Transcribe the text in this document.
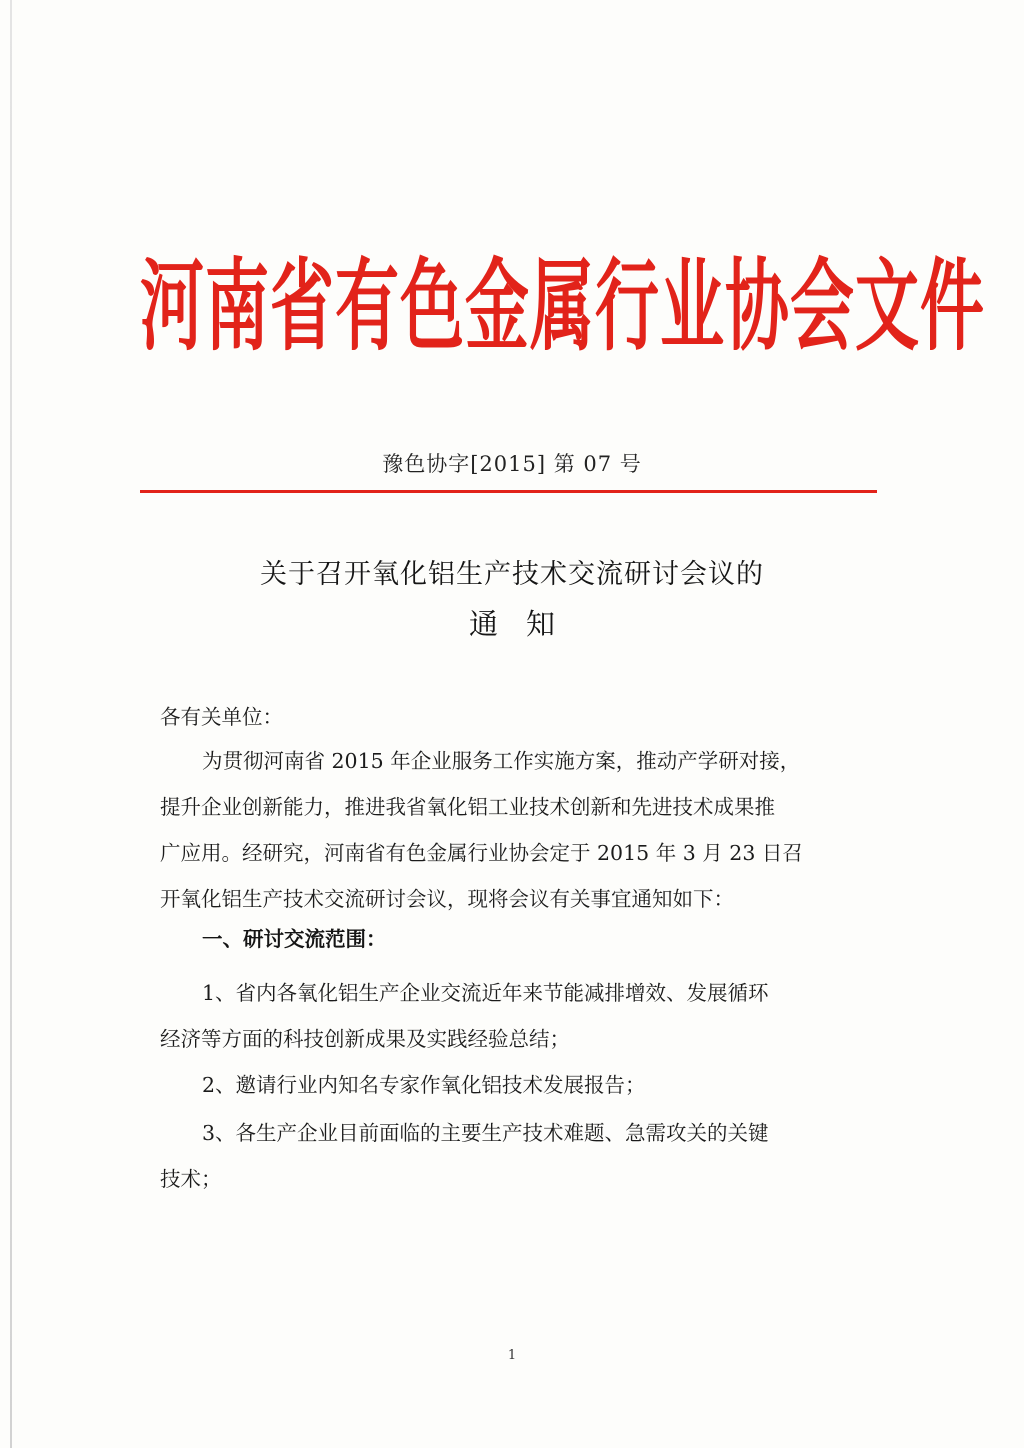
河南省有色金属行业协会文件
豫色协字[2015] 第 07 号
关于召开氧化铝生产技术交流研讨会议的
通知
各有关单位：
为贯彻河南省 2015 年企业服务工作实施方案，推动产学研对接，
提升企业创新能力，推进我省氧化铝工业技术创新和先进技术成果推
广应用。经研究，河南省有色金属行业协会定于 2015 年 3 月 23 日召
开氧化铝生产技术交流研讨会议，现将会议有关事宜通知如下：
一、研讨交流范围：
1、省内各氧化铝生产企业交流近年来节能减排增效、发展循环
经济等方面的科技创新成果及实践经验总结；
2、邀请行业内知名专家作氧化铝技术发展报告；
3、各生产企业目前面临的主要生产技术难题、急需攻关的关键
技术；
1
